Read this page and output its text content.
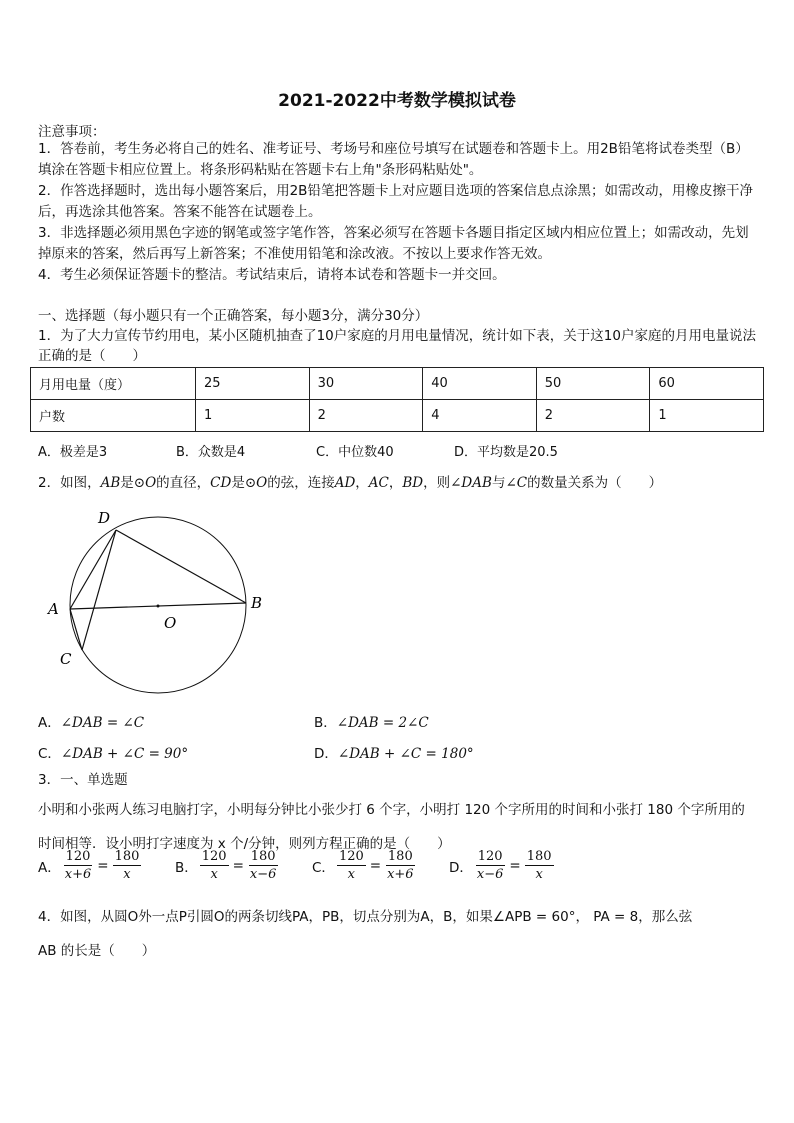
2021-2022中考数学模拟试卷
注意事项：

1．答卷前，考生务必将自己的姓名、准考证号、考场号和座位号填写在试题卷和答题卡上。用2B铅笔将试卷类型（B）填涂在答题卡相应位置上。将条形码粘贴在答题卡右上角"条形码粘贴处"。

2．作答选择题时，选出每小题答案后，用2B铅笔把答题卡上对应题目选项的答案信息点涂黑；如需改动，用橡皮擦干净后，再选涂其他答案。答案不能答在试题卷上。

3．非选择题必须用黑色字迹的钢笔或签字笔作答，答案必须写在答题卡各题目指定区域内相应位置上；如需改动，先划掉原来的答案，然后再写上新答案；不准使用铅笔和涂改液。不按以上要求作答无效。

4．考生必须保证答题卡的整洁。考试结束后，请将本试卷和答题卡一并交回。

一、选择题（每小题只有一个正确答案，每小题3分，满分30分）

1．为了大力宣传节约用电，某小区随机抽查了10户家庭的月用电量情况，统计如下表，关于这10户家庭的月用电量说法正确的是（　　）

月用电量（度）	25	30	40	50	60
户数	1	2	4	2	1
A．极差是3	B．众数是4	C．中位数40	D．平均数是20.5
2．如图，AB是⊙O的直径，CD是⊙O的弦，连接AD，AC，BD，则∠DAB与∠C的数量关系为（　　）
D
A	B
O
C
A．∠DAB = ∠C	B．∠DAB = 2∠C
C．∠DAB + ∠C = 90°	D．∠DAB + ∠C = 180°
3．一、单选题

小明和小张两人练习电脑打字，小明每分钟比小张少打 6 个字，小明打 120 个字所用的时间和小张打 180 个字所用的

时间相等．设小明打字速度为 x 个/分钟，则列方程正确的是（　　）

A． $\frac{120}{x+6} = \frac{180}{x}$ B． $\frac{120}{x} = \frac{180}{x-6}$ C． $\frac{120}{x} = \frac{180}{x+6}$ D． $\frac{120}{x-6} = \frac{180}{x}$

4．如图，从圆O外一点P引圆O的两条切线PA，PB，切点分别为A，B，如果∠APB = 60°， PA = 8，那么弦

AB 的长是（　　）
